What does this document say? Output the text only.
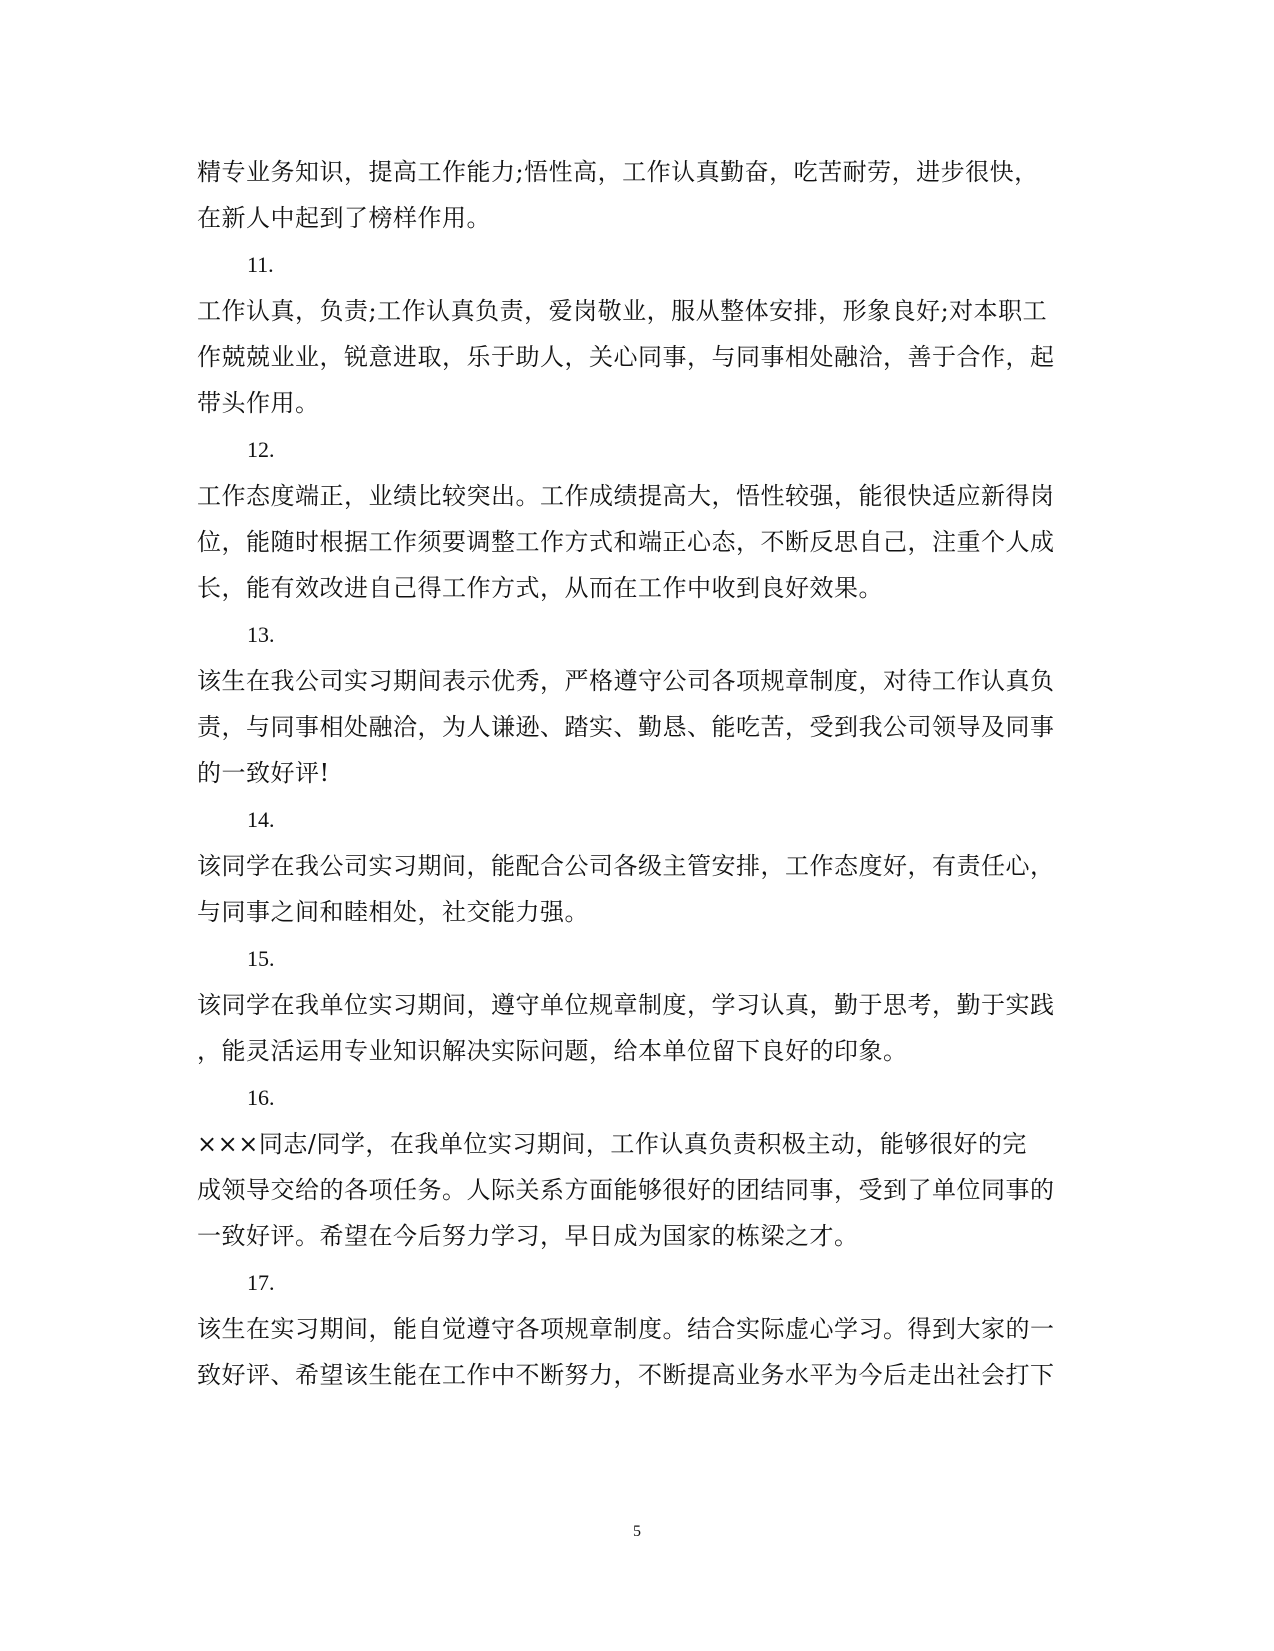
精专业务知识，提高工作能力;悟性高，工作认真勤奋，吃苦耐劳，进步很快，
在新人中起到了榜样作用。
11.
工作认真，负责;工作认真负责，爱岗敬业，服从整体安排，形象良好;对本职工
作兢兢业业，锐意进取，乐于助人，关心同事，与同事相处融洽，善于合作，起
带头作用。
12.
工作态度端正，业绩比较突出。工作成绩提高大，悟性较强，能很快适应新得岗
位，能随时根据工作须要调整工作方式和端正心态，不断反思自己，注重个人成
长，能有效改进自己得工作方式，从而在工作中收到良好效果。
13.
该生在我公司实习期间表示优秀，严格遵守公司各项规章制度，对待工作认真负
责，与同事相处融洽，为人谦逊、踏实、勤恳、能吃苦，受到我公司领导及同事
的一致好评!
14.
该同学在我公司实习期间，能配合公司各级主管安排，工作态度好，有责任心，
与同事之间和睦相处，社交能力强。
15.
该同学在我单位实习期间，遵守单位规章制度，学习认真，勤于思考，勤于实践
，能灵活运用专业知识解决实际问题，给本单位留下良好的印象。
16.
×××同志/同学，在我单位实习期间，工作认真负责积极主动，能够很好的完
成领导交给的各项任务。人际关系方面能够很好的团结同事，受到了单位同事的
一致好评。希望在今后努力学习，早日成为国家的栋梁之才。
17.
该生在实习期间，能自觉遵守各项规章制度。结合实际虚心学习。得到大家的一
致好评、希望该生能在工作中不断努力，不断提高业务水平为今后走出社会打下
5
